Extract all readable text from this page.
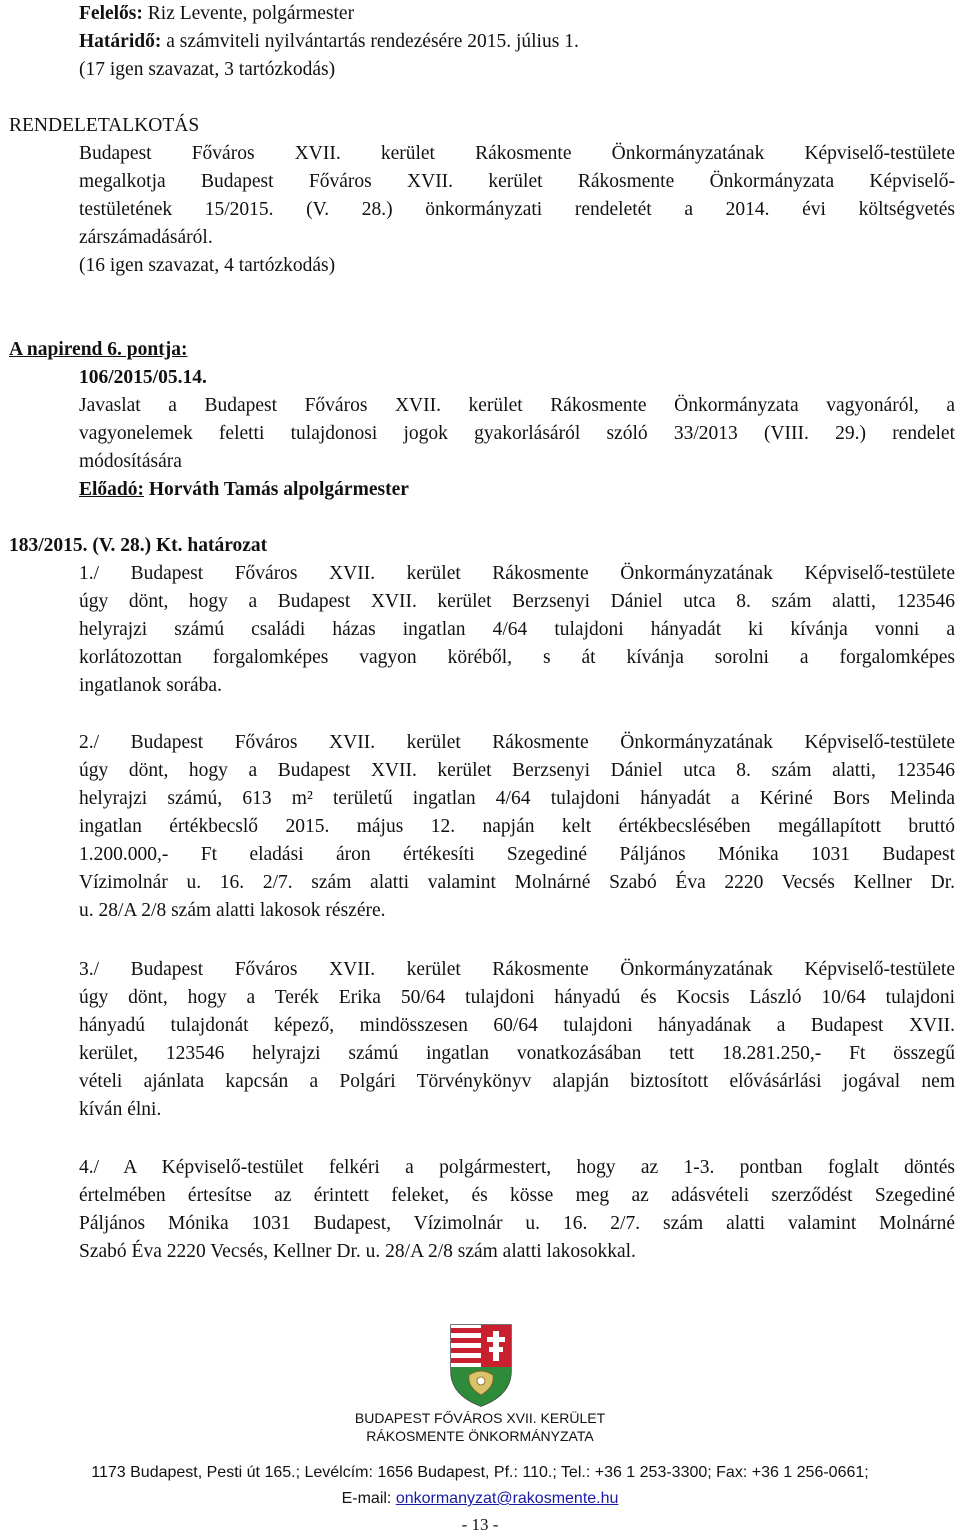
Felelős: Riz Levente, polgármester
Határidő: a számviteli nyilvántartás rendezésére 2015. július 1.
(17 igen szavazat, 3 tartózkodás)
RENDELETALKOTÁS
Budapest Főváros XVII. kerület Rákosmente Önkormányzatának Képviselő-testülete
megalkotja Budapest Főváros XVII. kerület Rákosmente Önkormányzata Képviselő-
testületének 15/2015. (V. 28.) önkormányzati rendeletét a 2014. évi költségvetés
zárszámadásáról.
(16 igen szavazat, 4 tartózkodás)
A napirend 6. pontja:
106/2015/05.14.
Javaslat a Budapest Főváros XVII. kerület Rákosmente Önkormányzata vagyonáról, a
vagyonelemek feletti tulajdonosi jogok gyakorlásáról szóló 33/2013 (VIII. 29.) rendelet
módosítására
Előadó: Horváth Tamás alpolgármester
183/2015. (V. 28.) Kt. határozat
1./ Budapest Főváros XVII. kerület Rákosmente Önkormányzatának Képviselő-testülete
úgy dönt, hogy a Budapest XVII. kerület Berzsenyi Dániel utca 8. szám alatti, 123546
helyrajzi számú családi házas ingatlan 4/64 tulajdoni hányadát ki kívánja vonni a
korlátozottan forgalomképes vagyon köréből, s át kívánja sorolni a forgalomképes
ingatlanok sorába.
2./ Budapest Főváros XVII. kerület Rákosmente Önkormányzatának Képviselő-testülete
úgy dönt, hogy a Budapest XVII. kerület Berzsenyi Dániel utca 8. szám alatti, 123546
helyrajzi számú, 613 m² területű ingatlan 4/64 tulajdoni hányadát a Kériné Bors Melinda
ingatlan értékbecslő 2015. május 12. napján kelt értékbecslésében megállapított bruttó
1.200.000,- Ft eladási áron értékesíti Szegediné Páljános Mónika 1031 Budapest
Vízimolnár u. 16. 2/7. szám alatti valamint Molnárné Szabó Éva 2220 Vecsés Kellner Dr.
u. 28/A 2/8 szám alatti lakosok részére.
3./ Budapest Főváros XVII. kerület Rákosmente Önkormányzatának Képviselő-testülete
úgy dönt, hogy a Terék Erika 50/64 tulajdoni hányadú és Kocsis László 10/64 tulajdoni
hányadú tulajdonát képező, mindösszesen 60/64 tulajdoni hányadának a Budapest XVII.
kerület, 123546 helyrajzi számú ingatlan vonatkozásában tett 18.281.250,- Ft összegű
vételi ajánlata kapcsán a Polgári Törvénykönyv alapján biztosított elővásárlási jogával nem
kíván élni.
4./ A Képviselő-testület felkéri a polgármestert, hogy az 1-3. pontban foglalt döntés
értelmében értesítse az érintett feleket, és kösse meg az adásvételi szerződést Szegediné
Páljános Mónika 1031 Budapest, Vízimolnár u. 16. 2/7. szám alatti valamint Molnárné
Szabó Éva 2220 Vecsés, Kellner Dr. u. 28/A 2/8 szám alatti lakosokkal.
BUDAPEST FŐVÁROS XVII. KERÜLET
RÁKOSMENTE ÖNKORMÁNYZATA
1173 Budapest, Pesti út 165.; Levélcím: 1656 Budapest, Pf.: 110.; Tel.: +36 1 253-3300; Fax: +36 1 256-0661;
E-mail: onkormanyzat@rakosmente.hu
- 13 -
